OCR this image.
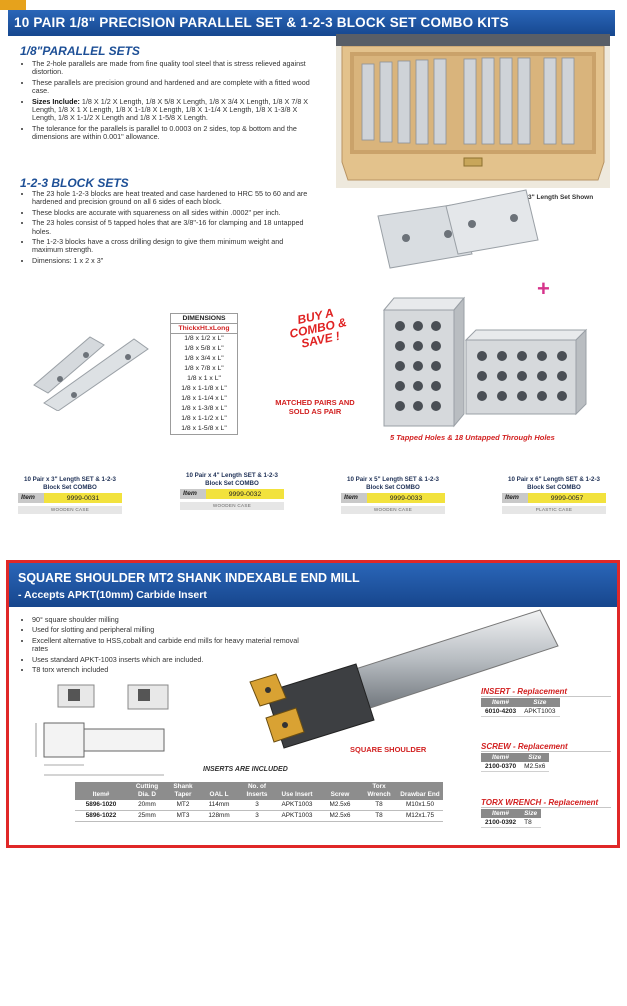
10 PAIR 1/8" PRECISION PARALLEL SET & 1-2-3 BLOCK SET COMBO KITS
1/8"PARALLEL SETS
• The 2-hole parallels are made from fine quality tool steel that is stress relieved against distortion.
• These parallels are precision ground and hardened and are complete with a fitted wood case.
• Sizes Include: 1/8 X 1/2 X Length, 1/8 X 5/8 X Length, 1/8 X 3/4 X Length, 1/8 X 7/8 X Length, 1/8 X 1 X Length, 1/8 X 1-1/8 X Length, 1/8 X 1-1/4 X Length, 1/8 X 1-3/8 X Length, 1/8 X 1-1/2 X Length and 1/8 X 1-5/8 X Length.
• The tolerance for the parallels is parallel to 0.0003 on 2 sides, top & bottom and the dimensions are within 0.001" allowance.
1-2-3 BLOCK SETS
• The 23 hole 1-2-3 blocks are heat treated and case hardened to HRC 55 to 60 and are hardened and precision ground on all 6 sides of each block.
• These blocks are accurate with squareness on all sides within .0002" per inch.
• The 23 holes consist of 5 tapped holes that are 3/8"-16 for clamping and 18 untapped holes.
• The 1-2-3 blocks have a cross drilling design to give them minimum weight and maximum strength.
• Dimensions: 1 x 2 x 3"
3" Length Set Shown
+
DIMENSIONS
ThickxHt.xLong
1/8 x 1/2 x L"
1/8 x 5/8 x L"
1/8 x 3/4 x L"
1/8 x 7/8 x L"
1/8 x 1 x L"
1/8 x 1-1/8 x L"
1/8 x 1-1/4 x L"
1/8 x 1-3/8 x L"
1/8 x 1-1/2 x L"
1/8 x 1-5/8 x L"
BUY A COMBO & SAVE !
MATCHED PAIRS AND SOLD AS PAIR
5 Tapped Holes & 18 Untapped Through Holes
10 Pair x 3" Length SET & 1-2-3 Block Set COMBO
Item	9999-0031
WOODEN CASE
10 Pair x 4" Length SET & 1-2-3 Block Set COMBO
Item	9999-0032
WOODEN CASE
10 Pair x 5" Length SET & 1-2-3 Block Set COMBO
Item	9999-0033
WOODEN CASE
10 Pair x 6" Length SET & 1-2-3 Block Set COMBO
Item	9999-0057
PLASTIC CASE
SQUARE SHOULDER MT2 SHANK INDEXABLE END MILL
- Accepts APKT(10mm) Carbide Insert
• 90° square shoulder milling
• Used for slotting and peripheral milling
• Excellent alternative to HSS,cobalt and carbide end mills for heavy material removal rates
• Uses standard APKT-1003 inserts which are included.
• T8 torx wrench included
SQUARE SHOULDER
INSERTS ARE INCLUDED
INSERT - Replacement
Item#	Size
6010-4203	APKT1003
SCREW - Replacement
Item#	Size
2100-0370	M2.5x6
TORX WRENCH - Replacement
Item#	Size
2100-0392	T8
Item#	Cutting Dia. D	Shank Taper	OAL L	No. of Inserts	Use Insert	Screw	Torx Wrench	Drawbar End
5896-1020	20mm	MT2	114mm	3	APKT1003	M2.5x6	T8	M10x1.50
5896-1022	25mm	MT3	128mm	3	APKT1003	M2.5x6	T8	M12x1.75
